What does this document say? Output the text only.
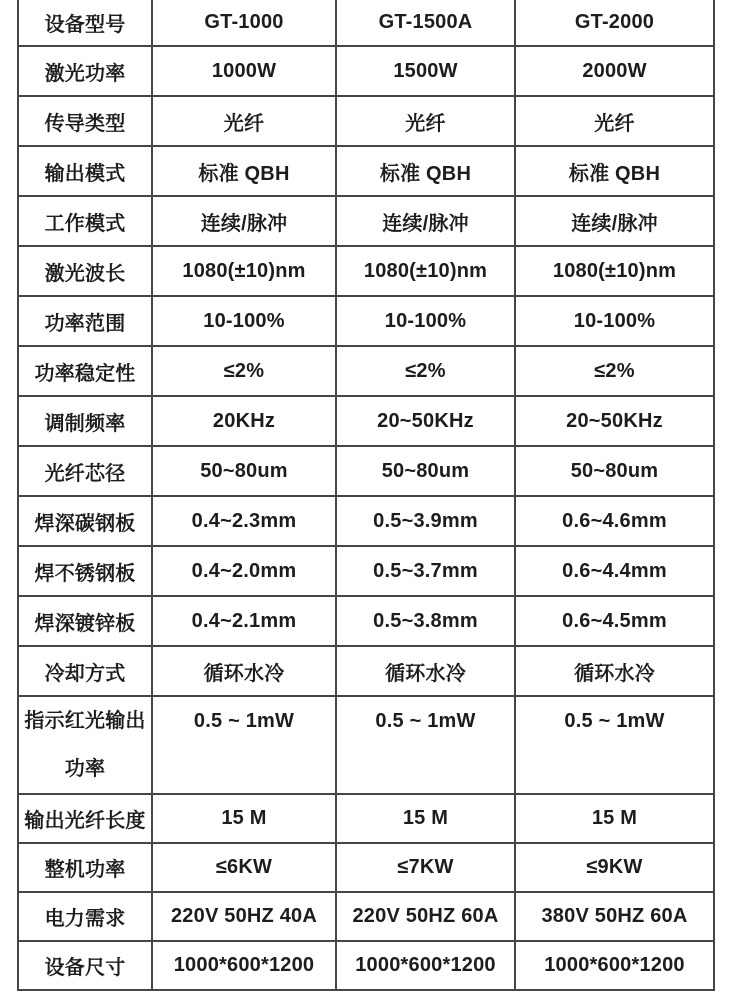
设备型号	GT-1000	GT-1500A	GT-2000
激光功率	1000W	1500W	2000W
传导类型	光纤	光纤	光纤
输出模式	标准 QBH	标准 QBH	标准 QBH
工作模式	连续/脉冲	连续/脉冲	连续/脉冲
激光波长	1080(±10)nm	1080(±10)nm	1080(±10)nm
功率范围	10-100%	10-100%	10-100%
功率稳定性	≤2%	≤2%	≤2%
调制频率	20KHz	20~50KHz	20~50KHz
光纤芯径	50~80um	50~80um	50~80um
焊深碳钢板	0.4~2.3mm	0.5~3.9mm	0.6~4.6mm
焊不锈钢板	0.4~2.0mm	0.5~3.7mm	0.6~4.4mm
焊深镀锌板	0.4~2.1mm	0.5~3.8mm	0.6~4.5mm
冷却方式	循环水冷	循环水冷	循环水冷

指示红光输出
功率	0.5 ~ 1mW	0.5 ~ 1mW	0.5 ~ 1mW

输出光纤长度	15 M	15 M	15 M
整机功率	≤6KW	≤7KW	≤9KW
电力需求	220V 50HZ 40A	220V 50HZ 60A	380V 50HZ 60A
设备尺寸	1000*600*1200	1000*600*1200	1000*600*1200
